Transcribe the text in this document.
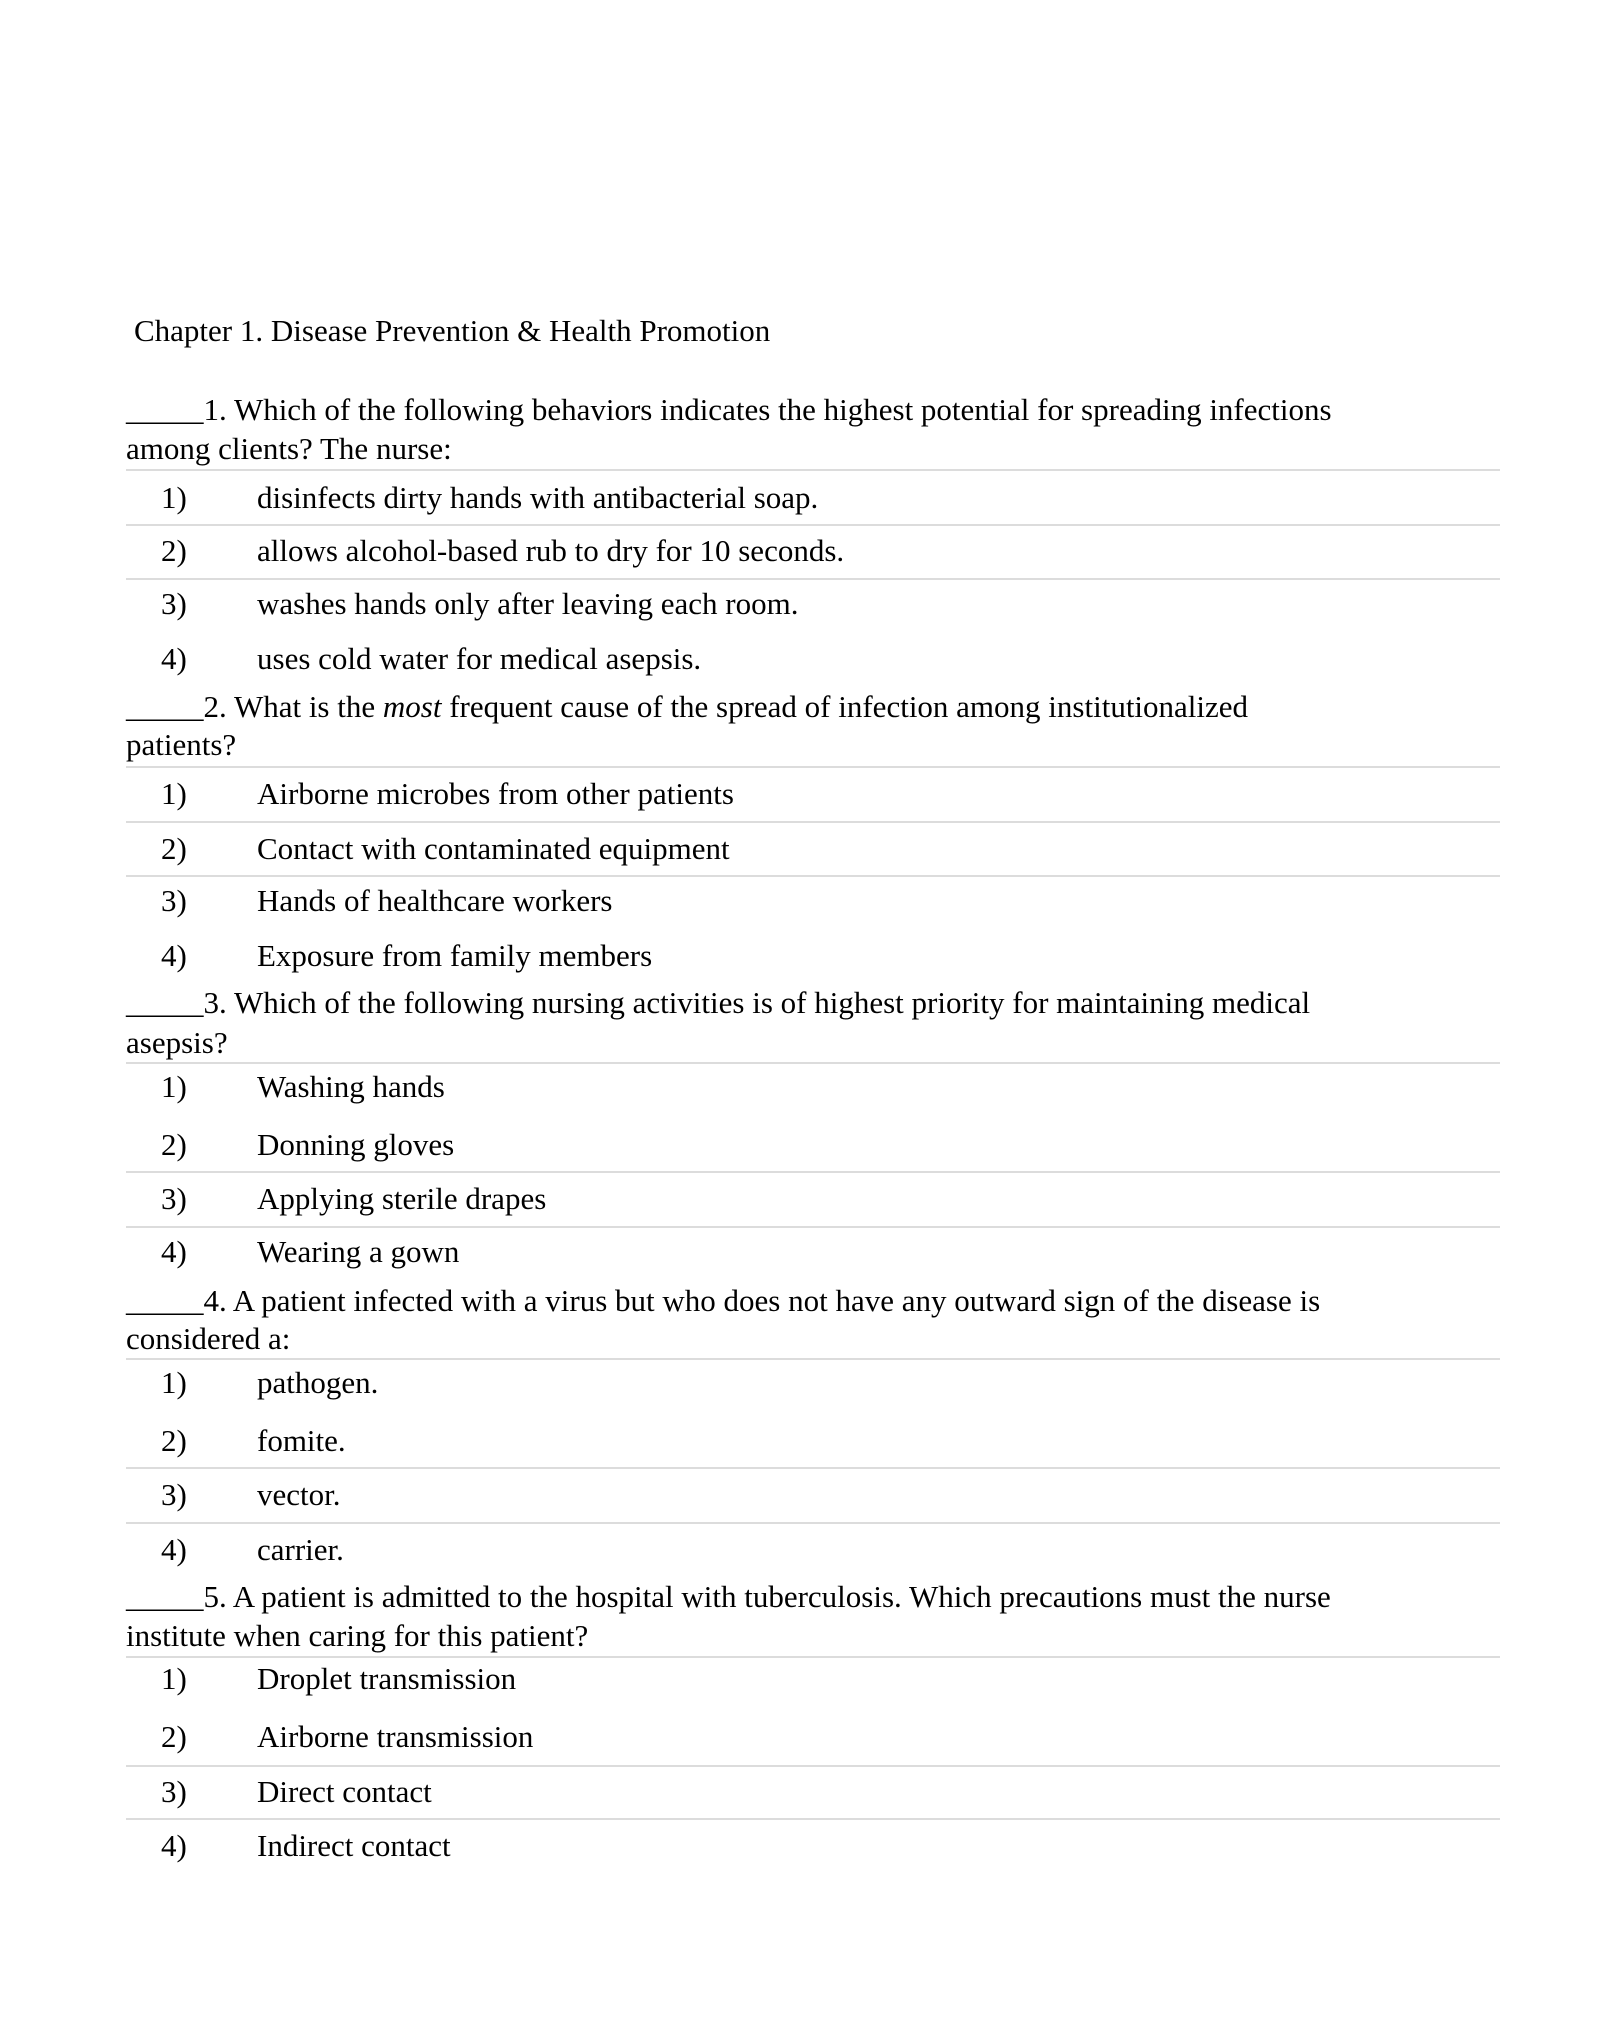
Chapter 1. Disease Prevention & Health Promotion
_____1. Which of the following behaviors indicates the highest potential for spreading infections
among clients? The nurse:
1) disinfects dirty hands with antibacterial soap.
2) allows alcohol-based rub to dry for 10 seconds.
3) washes hands only after leaving each room.
4) uses cold water for medical asepsis.
_____2. What is the most frequent cause of the spread of infection among institutionalized
patients?
1) Airborne microbes from other patients
2) Contact with contaminated equipment
3) Hands of healthcare workers
4) Exposure from family members
_____3. Which of the following nursing activities is of highest priority for maintaining medical
asepsis?
1) Washing hands
2) Donning gloves
3) Applying sterile drapes
4) Wearing a gown
_____4. A patient infected with a virus but who does not have any outward sign of the disease is
considered a:
1) pathogen.
2) fomite.
3) vector.
4) carrier.
_____5. A patient is admitted to the hospital with tuberculosis. Which precautions must the nurse
institute when caring for this patient?
1) Droplet transmission
2) Airborne transmission
3) Direct contact
4) Indirect contact
